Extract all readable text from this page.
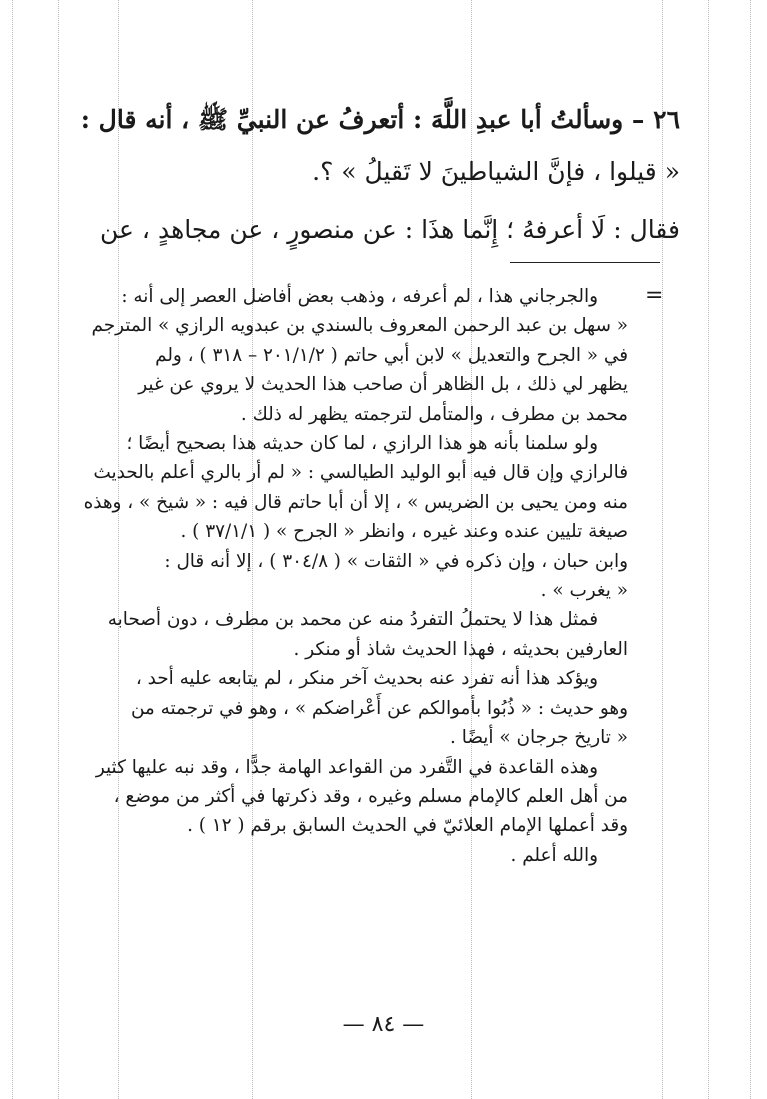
٢٦ – وسألتُ أبا عبدِ اللَّهَ : أتعرفُ عن النبيِّ ﷺ ، أنه قال :

« قيلوا ، فإنَّ الشياطينَ لا تَقيلُ » ؟.

فقال : لَا أعرفهُ ؛ إِنَّما هذَا : عن منصورٍ ، عن مجاهدٍ ، عن

=

والجرجاني هذا ، لم أعرفه ، وذهب بعض أفاضل العصر إلى أنه :

« سهل بن عبد الرحمن المعروف بالسندي بن عبدويه الرازي » المترجم

في « الجرح والتعديل » لابن أبي حاتم ( ٢٠١/١/٢ – ٣١٨ ) ، ولم

يظهر لي ذلك ، بل الظاهر أن صاحب هذا الحديث لا يروي عن غير

محمد بن مطرف ، والمتأمل لترجمته يظهر له ذلك .

ولو سلمنا بأنه هو هذا الرازي ، لما كان حديثه هذا بصحيح أيضًا ؛

فالرازي وإن قال فيه أبو الوليد الطيالسي : « لم أر بالري أعلم بالحديث

منه ومن يحيى بن الضريس » ، إلا أن أبا حاتم قال فيه : « شيخ » ، وهذه

صيغة تليين عنده وعند غيره ، وانظر « الجرح » ( ٣٧/١/١ ) .

وابن حبان ، وإن ذكره في « الثقات » ( ٣٠٤/٨ ) ، إلا أنه قال :

« يغرب » .

فمثل هذا لا يحتملُ التفردُ منه عن محمد بن مطرف ، دون أصحابه

العارفين بحديثه ، فهذا الحديث شاذ أو منكر .

ويؤكد هذا أنه تفرد عنه بحديث آخر منكر ، لم يتابعه عليه أحد ،

وهو حديث : « ذُبُوا بأموالكم عن أَعْراضكم » ، وهو في ترجمته من

« تاريخ جرجان » أيضًا .

وهذه القاعدة في التَّفرد من القواعد الهامة جدًّا ، وقد نبه عليها كثير

من أهل العلم كالإمام مسلم وغيره ، وقد ذكرتها في أكثر من موضع ،

وقد أعملها الإمام العلائيّ في الحديث السابق برقم ( ١٢ ) .

والله أعلم .

— ٨٤ —
